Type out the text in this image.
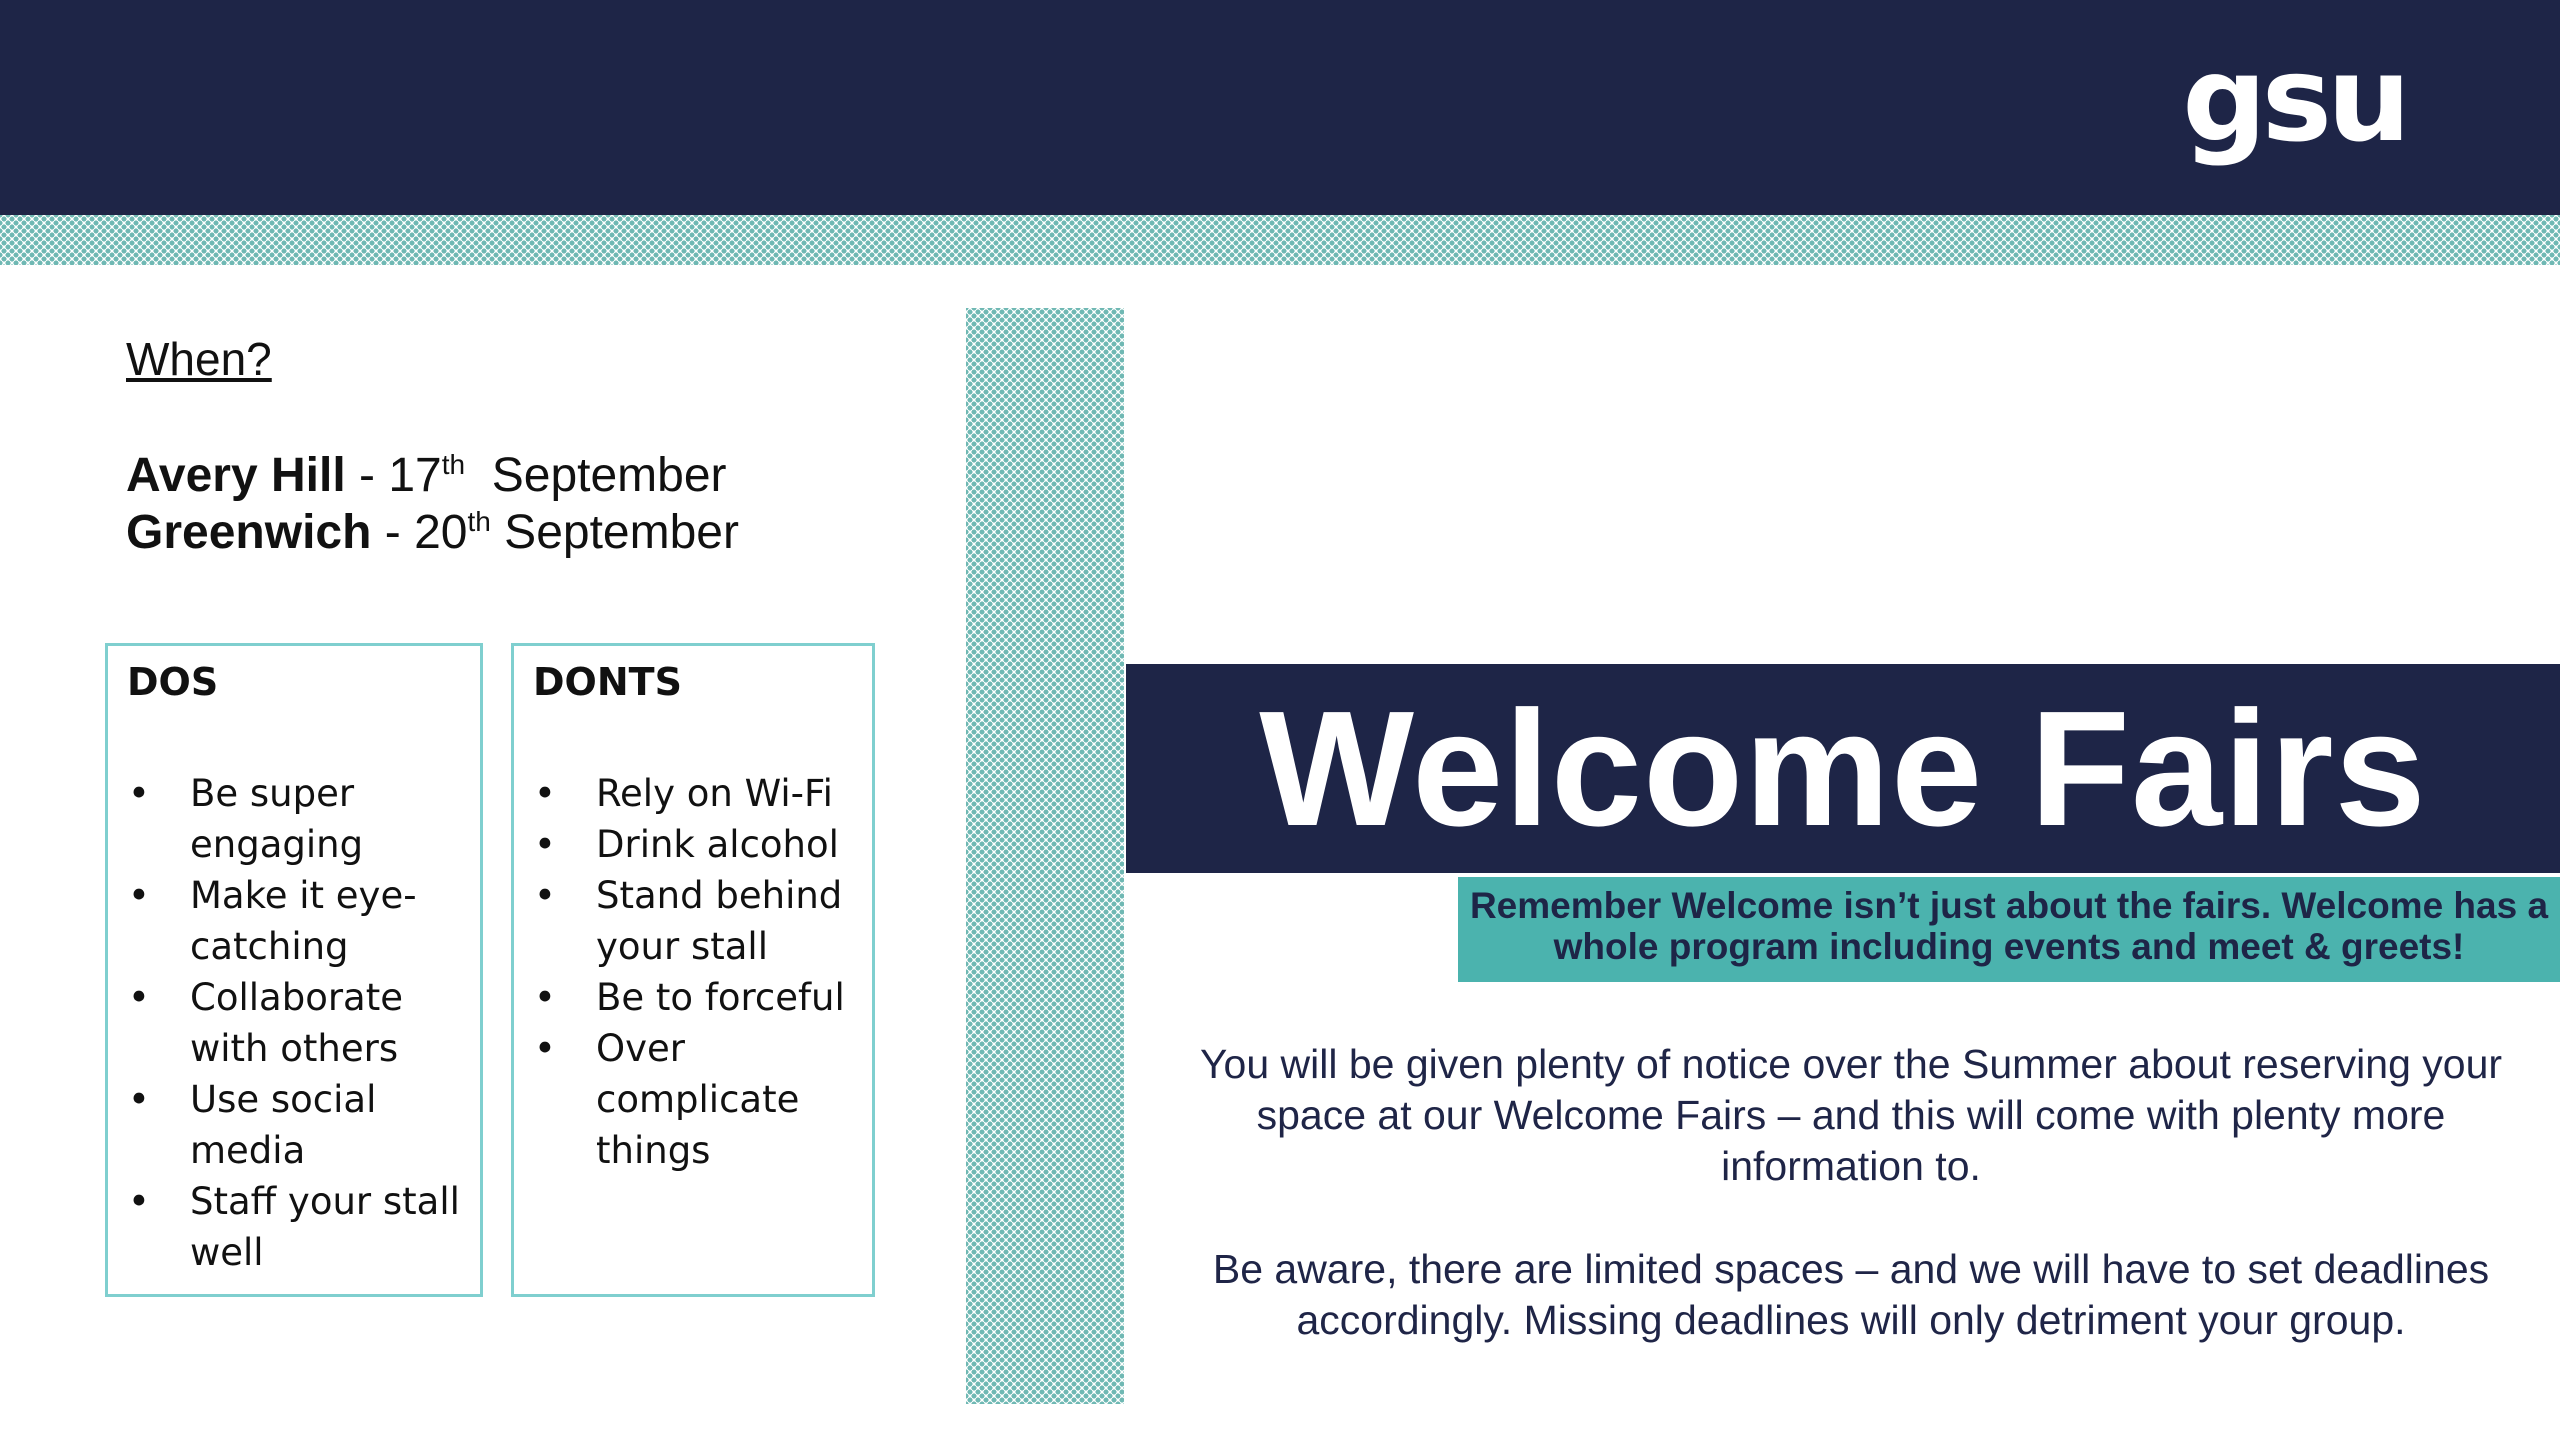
gsu
When?
Avery Hill - 17th September
Greenwich - 20th September
DOS
• Be super engaging
• Make it eye-catching
• Collaborate with others
• Use social media
• Staff your stall well
DONTS
• Rely on Wi-Fi
• Drink alcohol
• Stand behind your stall
• Be to forceful
• Over complicate things
Welcome Fairs
Remember Welcome isn’t just about the fairs. Welcome has a whole program including events and meet & greets!
You will be given plenty of notice over the Summer about reserving your space at our Welcome Fairs – and this will come with plenty more information to.
Be aware, there are limited spaces – and we will have to set deadlines accordingly. Missing deadlines will only detriment your group.
